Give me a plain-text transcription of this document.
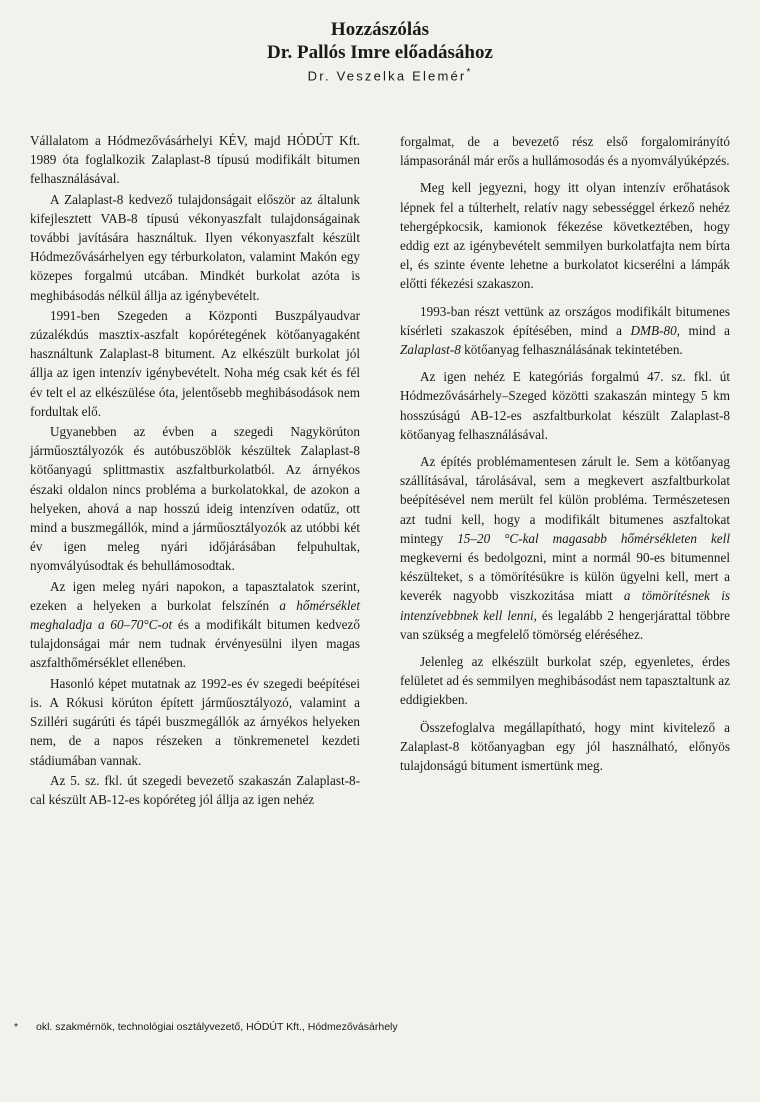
Hozzászólás

Dr. Pallós Imre előadásához

Dr. Veszelka Elemér*

Vállalatom a Hódmezővásárhelyi KÉV, majd HÓDÚT Kft. 1989 óta foglalkozik Zalaplast-8 típusú modifikált bitumen felhasználásával.

A Zalaplast-8 kedvező tulajdonságait először az általunk kifejlesztett VAB-8 típusú vékonyaszfalt tulajdonságainak további javítására használtuk. Ilyen vékonyaszfalt készült Hódmezővásárhelyen egy térburkolaton, valamint Makón egy közepes forgalmú utcában. Mindkét burkolat azóta is meghibásodás nélkül állja az igénybevételt.

1991-ben Szegeden a Központi Buszpályaudvar zúzalékdús masztix-aszfalt kopórétegének kötőanyagaként használtunk Zalaplast-8 bitument. Az elkészült burkolat jól állja az igen intenzív igénybevételt. Noha még csak két és fél év telt el az elkészülése óta, jelentősebb meghibásodások nem fordultak elő.

Ugyanebben az évben a szegedi Nagykörúton járműosztályozók és autóbuszöblök készültek Zalaplast-8 kötőanyagú splittmastix aszfaltburkolatból. Az árnyékos északi oldalon nincs probléma a burkolatokkal, de azokon a helyeken, ahová a nap hosszú ideig intenzíven odatűz, ott mind a buszmegállók, mind a járműosztályozók az utóbbi két év igen meleg nyári időjárásában felpuhultak, nyomvályúsodtak és behullámosodtak.

Az igen meleg nyári napokon, a tapasztalatok szerint, ezeken a helyeken a burkolat felszínén a hőmérséklet meghaladja a 60–70°C-ot és a modifikált bitumen kedvező tulajdonságai már nem tudnak érvényesülni ilyen magas aszfalthőmérséklet ellenében.

Hasonló képet mutatnak az 1992-es év szegedi beépítései is. A Rókusi körúton épített járműosztályozó, valamint a Szilléri sugárúti és tápéi buszmegállók az árnyékos helyeken nem, de a napos részeken a tönkremenetel kezdeti stádiumában vannak.

Az 5. sz. fkl. út szegedi bevezető szakaszán Zalaplast-8-cal készült AB-12-es kopóréteg jól állja az igen nehéz

forgalmat, de a bevezető rész első forgalomirányító lámpasoránál már erős a hullámosodás és a nyomvályúképzés.

Meg kell jegyezni, hogy itt olyan intenzív erőhatások lépnek fel a túlterhelt, relatív nagy sebességgel érkező nehéz tehergépkocsik, kamionok fékezése következtében, hogy eddig ezt az igénybevételt semmilyen burkolatfajta nem bírta el, és szinte évente lehetne a burkolatot kicserélni a lámpák előtti fékezési szakaszon.

1993-ban részt vettünk az országos modifikált bitumenes kísérleti szakaszok építésében, mind a DMB-80, mind a Zalaplast-8 kötőanyag felhasználásának tekintetében.

Az igen nehéz E kategóriás forgalmú 47. sz. fkl. út Hódmezővásárhely–Szeged közötti szakaszán mintegy 5 km hosszúságú AB-12-es aszfaltburkolat készült Zalaplast-8 kötőanyag felhasználásával.

Az építés problémamentesen zárult le. Sem a kötőanyag szállításával, tárolásával, sem a megkevert aszfaltburkolat beépítésével nem merült fel külön probléma. Természetesen azt tudni kell, hogy a modifikált bitumenes aszfaltokat mintegy 15–20 °C-kal magasabb hőmérsékleten kell megkeverni és bedolgozni, mint a normál 90-es bitumennel készülteket, s a tömörítésükre is külön ügyelni kell, mert a keverék nagyobb viszkozitása miatt a tömörítésnek is intenzívebbnek kell lenni, és legalább 2 hengerjárattal többre van szükség a megfelelő tömörség eléréséhez.

Jelenleg az elkészült burkolat szép, egyenletes, érdes felületet ad és semmilyen meghibásodást nem tapasztaltunk az eddigiekben.

Összefoglalva megállapítható, hogy mint kivitelező a Zalaplast-8 kötőanyagban egy jól használható, előnyös tulajdonságú bitument ismertünk meg.

* okl. szakmérnök, technológiai osztályvezető, HÓDÚT Kft., Hódmezővásárhely
